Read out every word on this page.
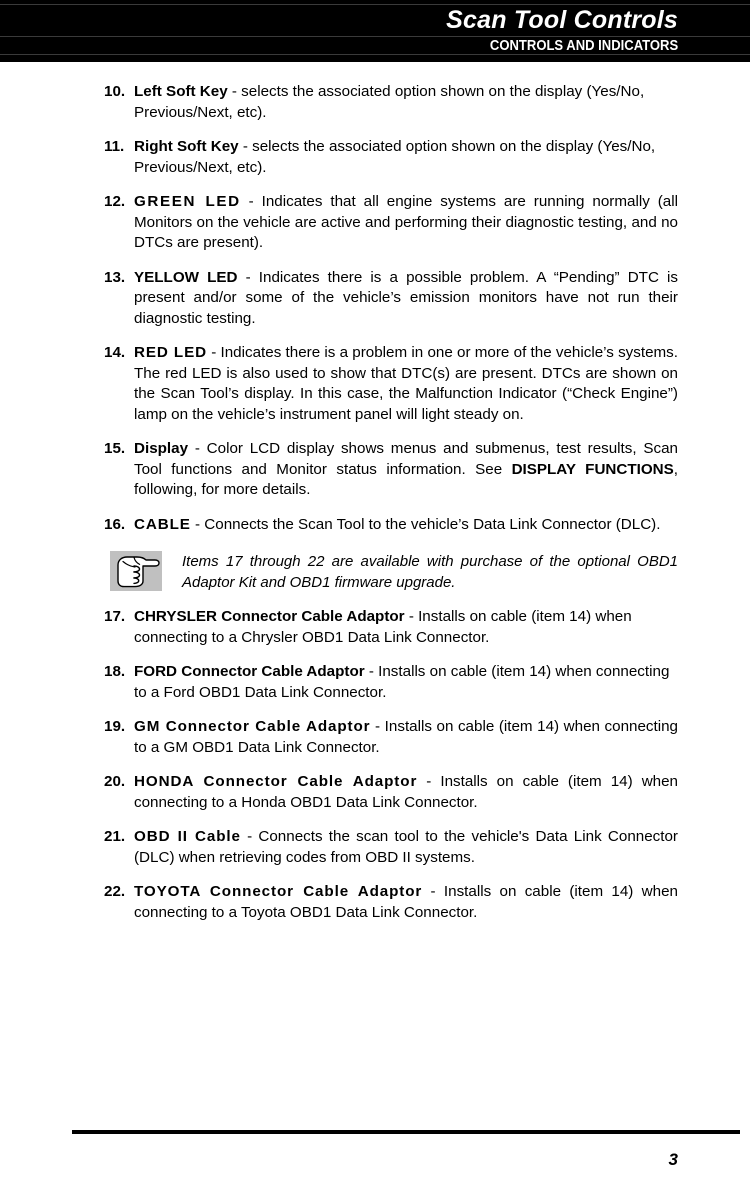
Scan Tool Controls
CONTROLS AND INDICATORS
10. Left Soft Key - selects the associated option shown on the display (Yes/No, Previous/Next, etc).
11. Right Soft Key - selects the associated option shown on the display (Yes/No, Previous/Next, etc).
12. GREEN LED - Indicates that all engine systems are running normally (all Monitors on the vehicle are active and performing their diagnostic testing, and no DTCs are present).
13. YELLOW LED - Indicates there is a possible problem. A “Pending” DTC is present and/or some of the vehicle’s emission monitors have not run their diagnostic testing.
14. RED LED - Indicates there is a problem in one or more of the vehicle’s systems. The red LED is also used to show that DTC(s) are present. DTCs are shown on the Scan Tool’s display. In this case, the Malfunction Indicator (“Check Engine”) lamp on the vehicle’s instrument panel will light steady on.
15. Display - Color LCD display shows menus and submenus, test results, Scan Tool functions and Monitor status information. See DISPLAY FUNCTIONS, following, for more details.
16. CABLE - Connects the Scan Tool to the vehicle’s Data Link Connector (DLC).
Items 17 through 22 are available with purchase of the optional OBD1 Adaptor Kit and OBD1 firmware upgrade.
17. CHRYSLER Connector Cable Adaptor - Installs on cable (item 14) when connecting to a Chrysler OBD1 Data Link Connector.
18. FORD Connector Cable Adaptor - Installs on cable (item 14) when connecting to a Ford OBD1 Data Link Connector.
19. GM Connector Cable Adaptor - Installs on cable (item 14) when connecting to a GM OBD1 Data Link Connector.
20. HONDA Connector Cable Adaptor - Installs on cable (item 14) when connecting to a Honda OBD1 Data Link Connector.
21. OBD II Cable - Connects the scan tool to the vehicle's Data Link Connector (DLC) when retrieving codes from OBD II systems.
22. TOYOTA Connector Cable Adaptor - Installs on cable (item 14) when connecting to a Toyota OBD1 Data Link Connector.
3
